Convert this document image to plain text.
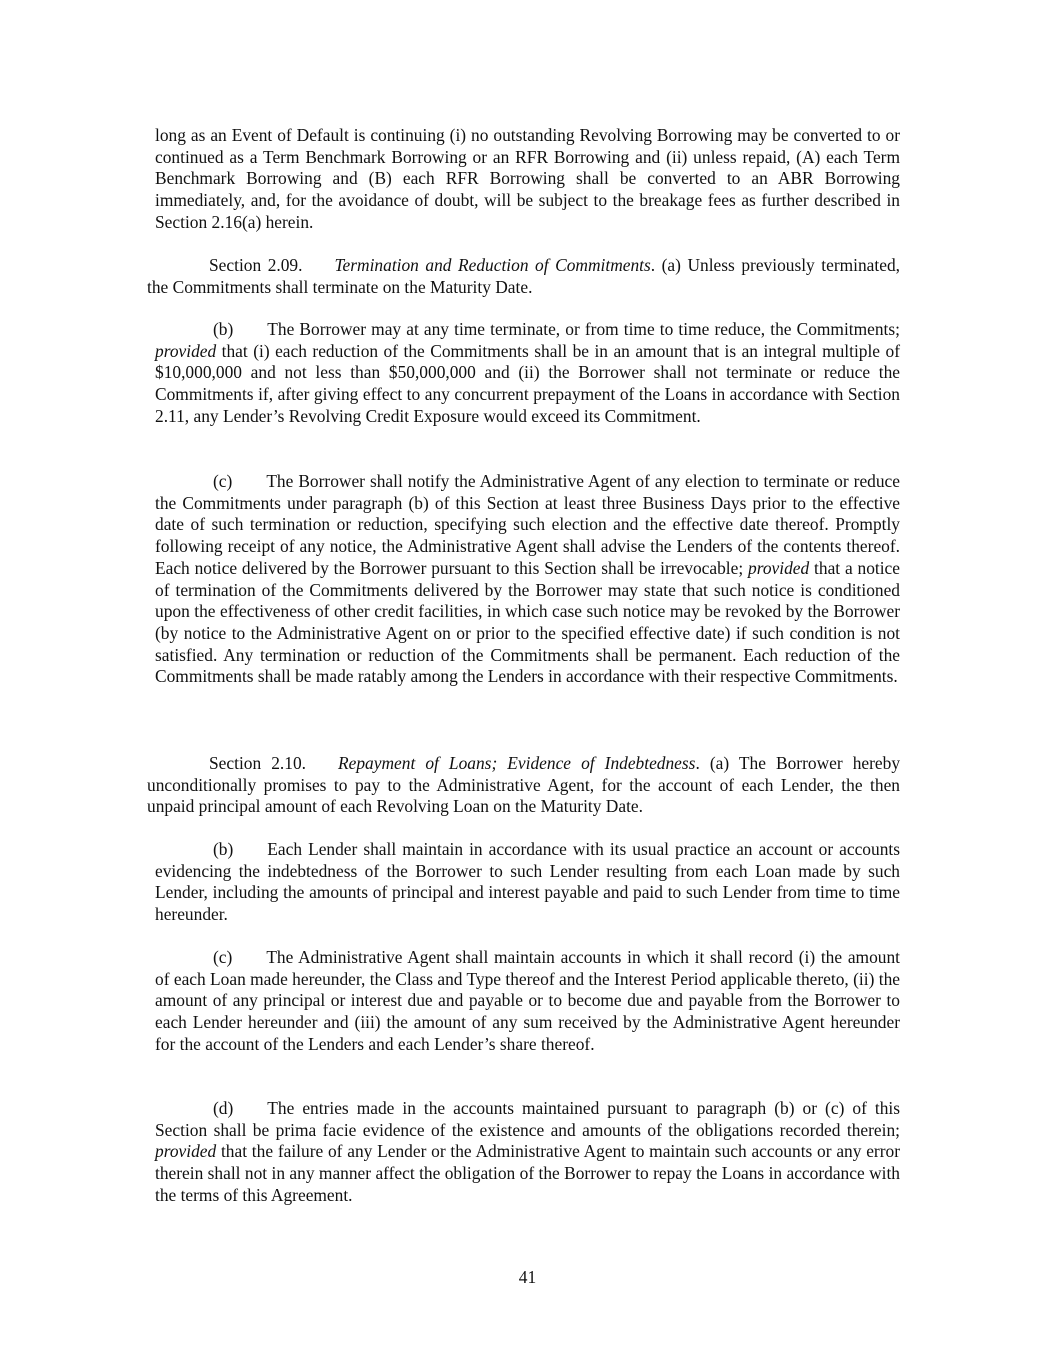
long as an Event of Default is continuing (i) no outstanding Revolving Borrowing may be converted to or continued as a Term Benchmark Borrowing or an RFR Borrowing and (ii) unless repaid, (A) each Term Benchmark Borrowing and (B) each RFR Borrowing shall be converted to an ABR Borrowing immediately, and, for the avoidance of doubt, will be subject to the breakage fees as further described in Section 2.16(a) herein.

Section 2.09. Termination and Reduction of Commitments. (a) Unless previously terminated, the Commitments shall terminate on the Maturity Date.

(b) The Borrower may at any time terminate, or from time to time reduce, the Commitments; provided that (i) each reduction of the Commitments shall be in an amount that is an integral multiple of $10,000,000 and not less than $50,000,000 and (ii) the Borrower shall not terminate or reduce the Commitments if, after giving effect to any concurrent prepayment of the Loans in accordance with Section 2.11, any Lender’s Revolving Credit Exposure would exceed its Commitment.

(c) The Borrower shall notify the Administrative Agent of any election to terminate or reduce the Commitments under paragraph (b) of this Section at least three Business Days prior to the effective date of such termination or reduction, specifying such election and the effective date thereof. Promptly following receipt of any notice, the Administrative Agent shall advise the Lenders of the contents thereof. Each notice delivered by the Borrower pursuant to this Section shall be irrevocable; provided that a notice of termination of the Commitments delivered by the Borrower may state that such notice is conditioned upon the effectiveness of other credit facilities, in which case such notice may be revoked by the Borrower (by notice to the Administrative Agent on or prior to the specified effective date) if such condition is not satisfied. Any termination or reduction of the Commitments shall be permanent. Each reduction of the Commitments shall be made ratably among the Lenders in accordance with their respective Commitments.

Section 2.10. Repayment of Loans; Evidence of Indebtedness. (a) The Borrower hereby unconditionally promises to pay to the Administrative Agent, for the account of each Lender, the then unpaid principal amount of each Revolving Loan on the Maturity Date.

(b) Each Lender shall maintain in accordance with its usual practice an account or accounts evidencing the indebtedness of the Borrower to such Lender resulting from each Loan made by such Lender, including the amounts of principal and interest payable and paid to such Lender from time to time hereunder.

(c) The Administrative Agent shall maintain accounts in which it shall record (i) the amount of each Loan made hereunder, the Class and Type thereof and the Interest Period applicable thereto, (ii) the amount of any principal or interest due and payable or to become due and payable from the Borrower to each Lender hereunder and (iii) the amount of any sum received by the Administrative Agent hereunder for the account of the Lenders and each Lender’s share thereof.

(d) The entries made in the accounts maintained pursuant to paragraph (b) or (c) of this Section shall be prima facie evidence of the existence and amounts of the obligations recorded therein; provided that the failure of any Lender or the Administrative Agent to maintain such accounts or any error therein shall not in any manner affect the obligation of the Borrower to repay the Loans in accordance with the terms of this Agreement.

41
